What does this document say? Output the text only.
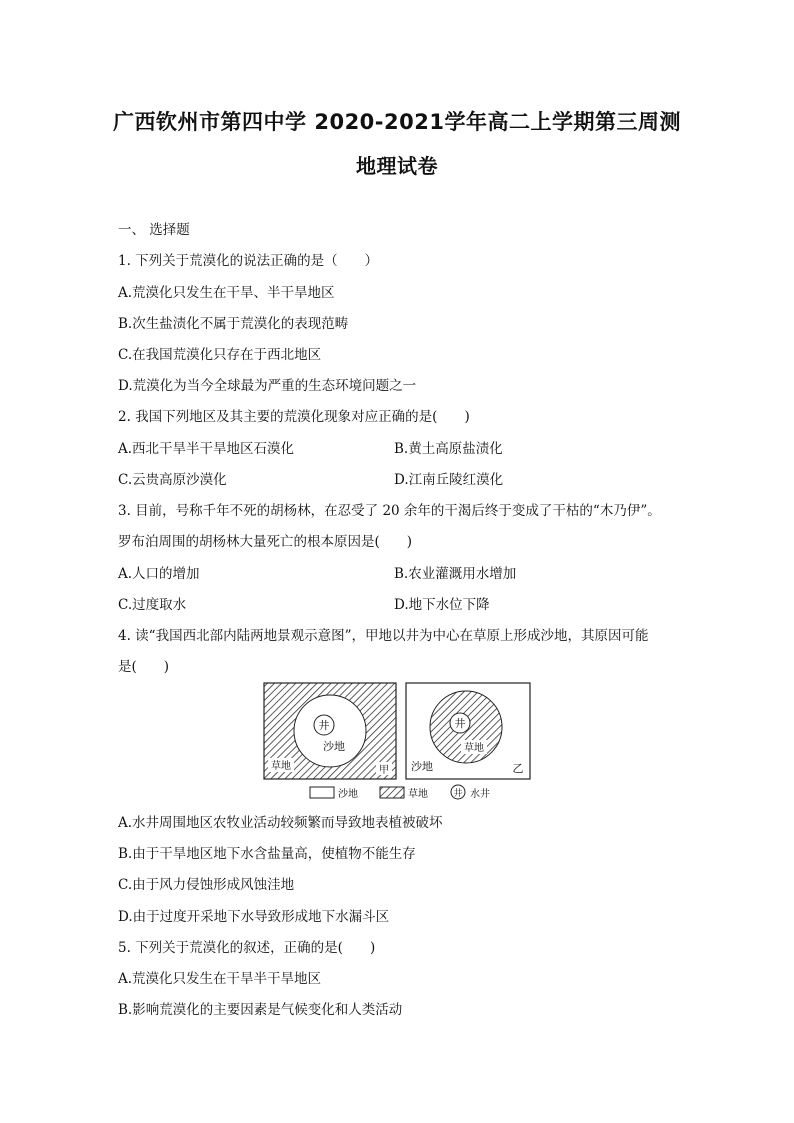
广西钦州市第四中学 2020-2021学年高二上学期第三周测
地理试卷
一、 选择题
1. 下列关于荒漠化的说法正确的是（　　）
A.荒漠化只发生在干旱、半干旱地区
B.次生盐渍化不属于荒漠化的表现范畴
C.在我国荒漠化只存在于西北地区
D.荒漠化为当今全球最为严重的生态环境问题之一
2. 我国下列地区及其主要的荒漠化现象对应正确的是(　　)
A.西北干旱半干旱地区石漠化	B.黄土高原盐渍化
C.云贵高原沙漠化	D.江南丘陵红漠化
3. 目前，号称千年不死的胡杨林，在忍受了 20 余年的干渴后终于变成了干枯的“木乃伊”。
罗布泊周围的胡杨林大量死亡的根本原因是(　　)
A.人口的增加	B.农业灌溉用水增加
C.过度取水	D.地下水位下降
4. 读“我国西北部内陆两地景观示意图”，甲地以井为中心在草原上形成沙地，其原因可能
是(　　)
井
沙地
草地	甲
井
草地
沙地	乙
沙地	草地	井 水井
A.水井周围地区农牧业活动较频繁而导致地表植被破坏
B.由于干旱地区地下水含盐量高，使植物不能生存
C.由于风力侵蚀形成风蚀洼地
D.由于过度开采地下水导致形成地下水漏斗区
5. 下列关于荒漠化的叙述，正确的是(　　)
A.荒漠化只发生在干旱半干旱地区
B.影响荒漠化的主要因素是气候变化和人类活动
